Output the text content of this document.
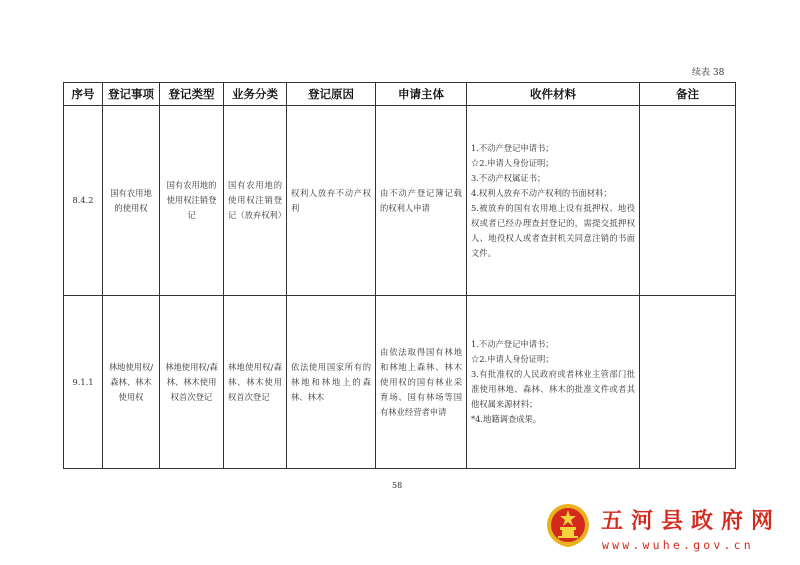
续表 38
序号	登记事项	登记类型	业务分类	登记原因	申请主体	收件材料	备注
8.4.2	国有农用地的使用权	国有农用地的使用权注销登记	国有农用地的使用权注销登记（放弃权利）	权利人放弃不动产权利	由不动产登记簿记载的权利人申请	1.不动产登记申请书；
☆2.申请人身份证明；
3.不动产权属证书；
4.权利人放弃不动产权利的书面材料；
5.被放弃的国有农用地上设有抵押权、地役权或者已经办理查封登记的，需提交抵押权人、地役权人或者查封机关同意注销的书面文件。	

9.1.1	林地使用权/森林、林木使用权	林地使用权/森林、林木使用权首次登记	林地使用权/森林、林木使用权首次登记	依法使用国家所有的林地和林地上的森林、林木	由依法取得国有林地和林地上森林、林木使用权的国有林业采育场、国有林场等国有林业经营者申请	1.不动产登记申请书；
☆2.申请人身份证明；
3.有批准权的人民政府或者林业主管部门批准使用林地、森林、林木的批准文件或者其他权属来源材料；
*4.地籍调查成果。	

58
五河县政府网
www.wuhe.gov.cn
